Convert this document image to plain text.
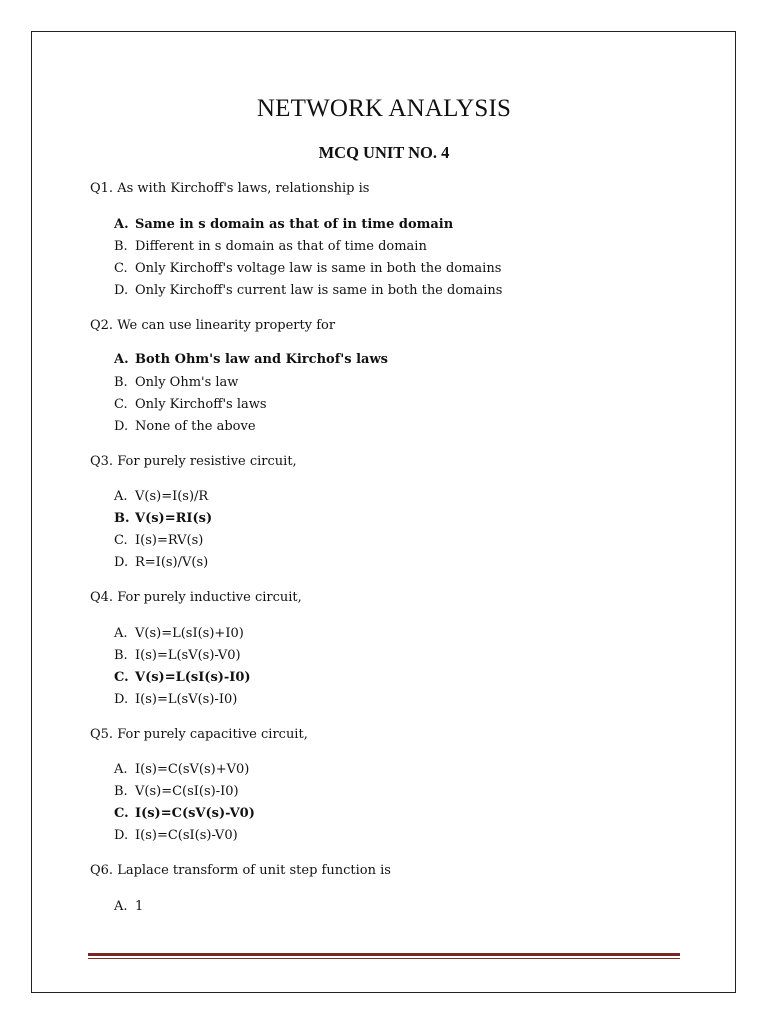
NETWORK ANALYSIS
MCQ UNIT NO. 4
Q1. As with Kirchoff's laws, relationship is
A. Same in s domain as that of in time domain
B. Different in s domain as that of time domain
C. Only Kirchoff's voltage law is same in both the domains
D. Only Kirchoff's current law is same in both the domains
Q2. We can use linearity property for
A. Both Ohm's law and Kirchof's laws
B. Only Ohm's law
C. Only Kirchoff's laws
D. None of the above
Q3. For purely resistive circuit,
A. V(s)=I(s)/R
B. V(s)=RI(s)
C. I(s)=RV(s)
D. R=I(s)/V(s)
Q4. For purely inductive circuit,
A. V(s)=L(sI(s)+I0)
B. I(s)=L(sV(s)-V0)
C. V(s)=L(sI(s)-I0)
D. I(s)=L(sV(s)-I0)
Q5. For purely capacitive circuit,
A. I(s)=C(sV(s)+V0)
B. V(s)=C(sI(s)-I0)
C. I(s)=C(sV(s)-V0)
D. I(s)=C(sI(s)-V0)
Q6. Laplace transform of unit step function is
A. 1
